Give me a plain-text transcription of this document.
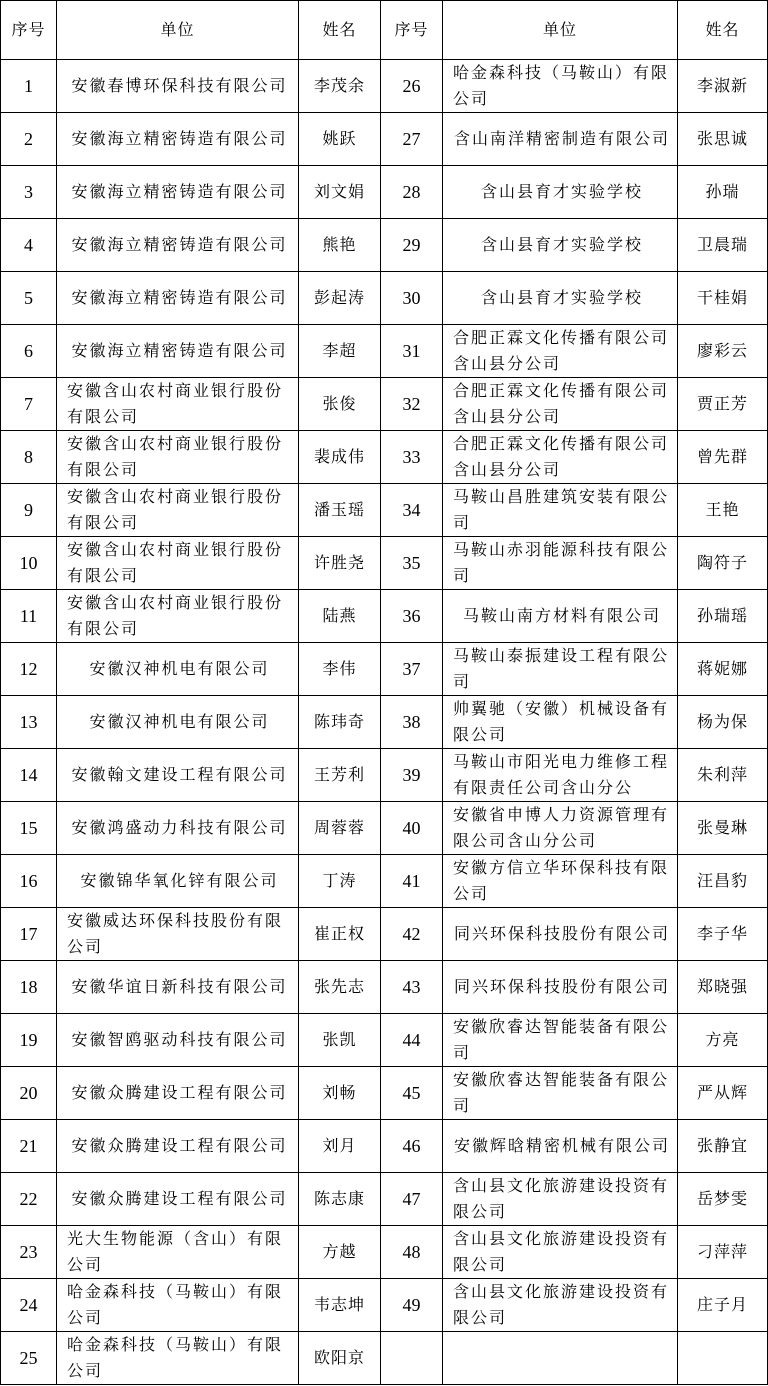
序号	单位	姓名	序号	单位	姓名
1	安徽春博环保科技有限公司	李茂余	26	哈金森科技（马鞍山）有限公司	李淑新
2	安徽海立精密铸造有限公司	姚跃	27	含山南洋精密制造有限公司	张思诚
3	安徽海立精密铸造有限公司	刘文娟	28	含山县育才实验学校	孙瑞
4	安徽海立精密铸造有限公司	熊艳	29	含山县育才实验学校	卫晨瑞
5	安徽海立精密铸造有限公司	彭起涛	30	含山县育才实验学校	干桂娟
6	安徽海立精密铸造有限公司	李超	31	合肥正霖文化传播有限公司含山县分公司	廖彩云
7	安徽含山农村商业银行股份有限公司	张俊	32	合肥正霖文化传播有限公司含山县分公司	贾正芳
8	安徽含山农村商业银行股份有限公司	裴成伟	33	合肥正霖文化传播有限公司含山县分公司	曾先群
9	安徽含山农村商业银行股份有限公司	潘玉瑶	34	马鞍山昌胜建筑安装有限公司	王艳
10	安徽含山农村商业银行股份有限公司	许胜尧	35	马鞍山赤羽能源科技有限公司	陶符子
11	安徽含山农村商业银行股份有限公司	陆燕	36	马鞍山南方材料有限公司	孙瑞瑶
12	安徽汉神机电有限公司	李伟	37	马鞍山泰振建设工程有限公司	蒋妮娜
13	安徽汉神机电有限公司	陈玮奇	38	帅翼驰（安徽）机械设备有限公司	杨为保
14	安徽翰文建设工程有限公司	王芳利	39	马鞍山市阳光电力维修工程有限责任公司含山分公	朱利萍
15	安徽鸿盛动力科技有限公司	周蓉蓉	40	安徽省申博人力资源管理有限公司含山分公司	张曼琳
16	安徽锦华氧化锌有限公司	丁涛	41	安徽方信立华环保科技有限公司	汪昌豹
17	安徽威达环保科技股份有限公司	崔正权	42	同兴环保科技股份有限公司	李子华
18	安徽华谊日新科技有限公司	张先志	43	同兴环保科技股份有限公司	郑晓强
19	安徽智鸥驱动科技有限公司	张凯	44	安徽欣睿达智能装备有限公司	方亮
20	安徽众腾建设工程有限公司	刘畅	45	安徽欣睿达智能装备有限公司	严从辉
21	安徽众腾建设工程有限公司	刘月	46	安徽辉晗精密机械有限公司	张静宜
22	安徽众腾建设工程有限公司	陈志康	47	含山县文化旅游建设投资有限公司	岳梦雯
23	光大生物能源（含山）有限公司	方越	48	含山县文化旅游建设投资有限公司	刁萍萍
24	哈金森科技（马鞍山）有限公司	韦志坤	49	含山县文化旅游建设投资有限公司	庄子月
25	哈金森科技（马鞍山）有限公司	欧阳京			
